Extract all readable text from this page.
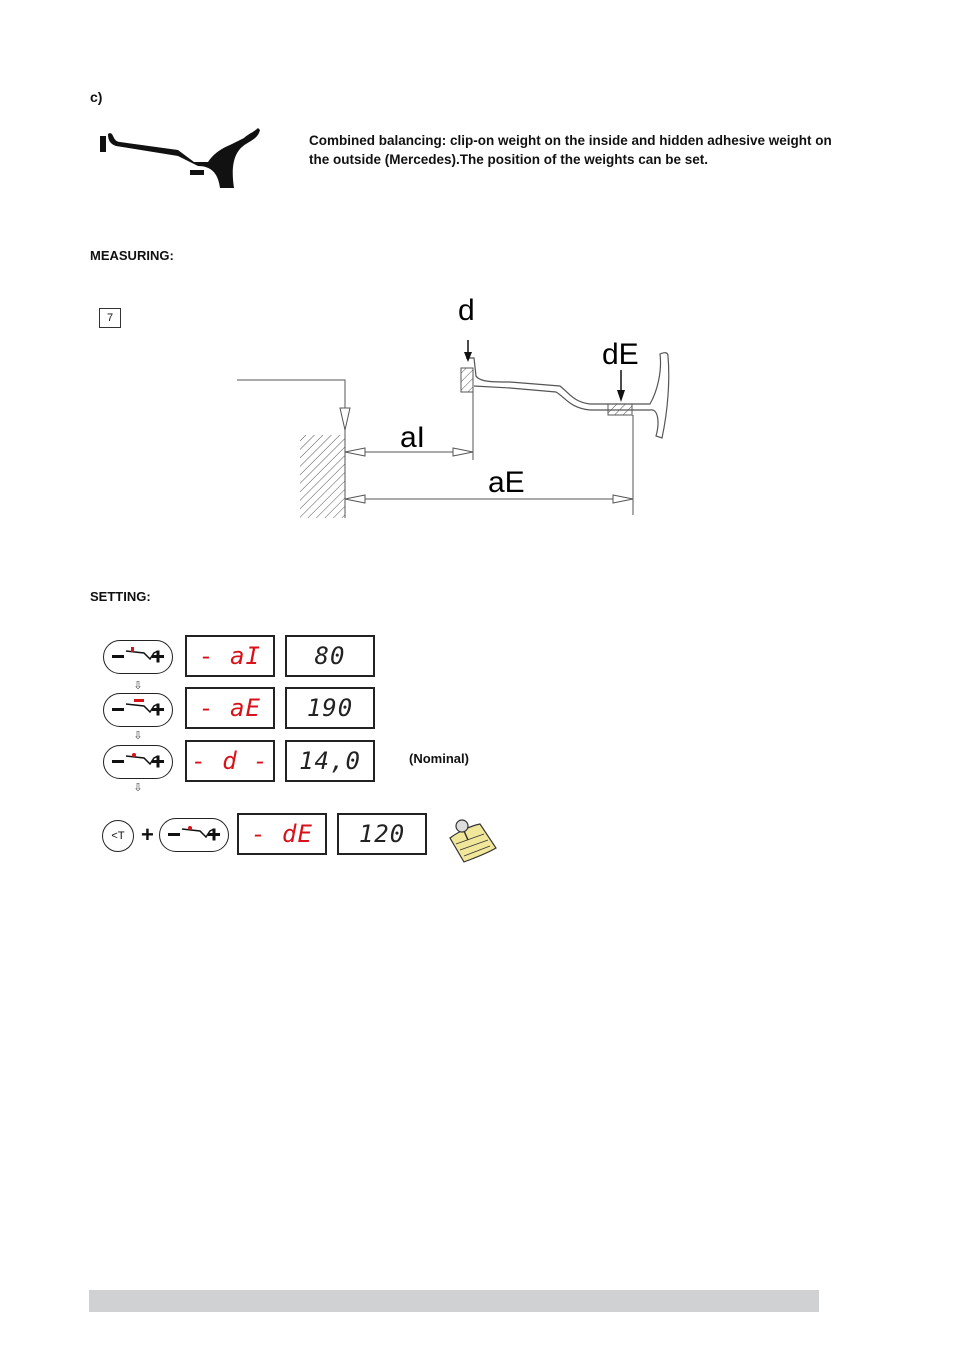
c)
Combined balancing: clip-on weight on the inside and hidden adhesive weight on the outside (Mercedes).The position of the weights can be set.
MEASURING:
7	d
dE
aI
aE
SETTING:
- aI	80
⇩
- aE	190
⇩
- d -	14,0	(Nominal)
⇩
<T +	- dE	120
